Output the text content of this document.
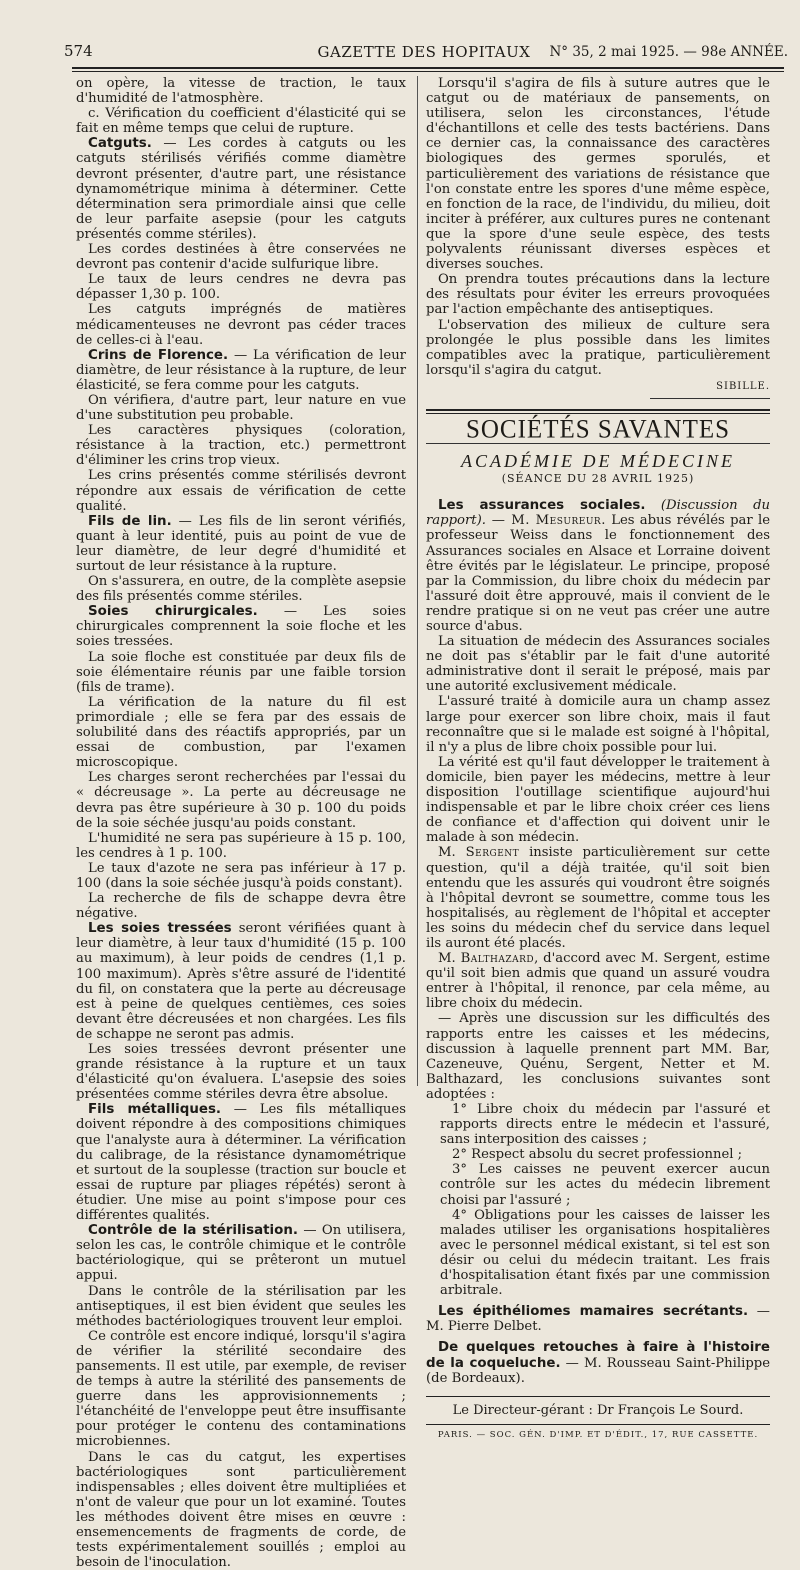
574	GAZETTE DES HOPITAUX	N° 35, 2 mai 1925. — 98e ANNÉE.

on opère, la vitesse de traction, le taux d'humidité de l'atmosphère.

c. Vérification du coefficient d'élasticité qui se fait en même temps que celui de rupture.

Catguts. — Les cordes à catguts ou les catguts stérilisés vérifiés comme diamètre devront présenter, d'autre part, une résistance dynamométrique minima à déterminer. Cette détermination sera primordiale ainsi que celle de leur parfaite asepsie (pour les catguts présentés comme stériles).

Les cordes destinées à être conservées ne devront pas contenir d'acide sulfurique libre.

Le taux de leurs cendres ne devra pas dépasser 1,30 p. 100.

Les catguts imprégnés de matières médicamenteuses ne devront pas céder traces de celles-ci à l'eau.

Crins de Florence. — La vérification de leur diamètre, de leur résistance à la rupture, de leur élasticité, se fera comme pour les catguts.

On vérifiera, d'autre part, leur nature en vue d'une substitution peu probable.

Les caractères physiques (coloration, résistance à la traction, etc.) permettront d'éliminer les crins trop vieux.

Les crins présentés comme stérilisés devront répondre aux essais de vérification de cette qualité.

Fils de lin. — Les fils de lin seront vérifiés, quant à leur identité, puis au point de vue de leur diamètre, de leur degré d'humidité et surtout de leur résistance à la rupture.

On s'assurera, en outre, de la complète asepsie des fils présentés comme stériles.

Soies chirurgicales. — Les soies chirurgicales comprennent la soie floche et les soies tressées.

La soie floche est constituée par deux fils de soie élémentaire réunis par une faible torsion (fils de trame).

La vérification de la nature du fil est primordiale ; elle se fera par des essais de solubilité dans des réactifs appropriés, par un essai de combustion, par l'examen microscopique.

Les charges seront recherchées par l'essai du « décreusage ». La perte au décreusage ne devra pas être supérieure à 30 p. 100 du poids de la soie séchée jusqu'au poids constant.

L'humidité ne sera pas supérieure à 15 p. 100, les cendres à 1 p. 100.

Le taux d'azote ne sera pas inférieur à 17 p. 100 (dans la soie séchée jusqu'à poids constant).

La recherche de fils de schappe devra être négative.

Les soies tressées seront vérifiées quant à leur diamètre, à leur taux d'humidité (15 p. 100 au maximum), à leur poids de cendres (1,1 p. 100 maximum). Après s'être assuré de l'identité du fil, on constatera que la perte au décreusage est à peine de quelques centièmes, ces soies devant être décreusées et non chargées. Les fils de schappe ne seront pas admis.

Les soies tressées devront présenter une grande résistance à la rupture et un taux d'élasticité qu'on évaluera. L'asepsie des soies présentées comme stériles devra être absolue.

Fils métalliques. — Les fils métalliques doivent répondre à des compositions chimiques que l'analyste aura à déterminer. La vérification du calibrage, de la résistance dynamométrique et surtout de la souplesse (traction sur boucle et essai de rupture par pliages répétés) seront à étudier. Une mise au point s'impose pour ces différentes qualités.

Contrôle de la stérilisation. — On utilisera, selon les cas, le contrôle chimique et le contrôle bactériologique, qui se prêteront un mutuel appui.

Dans le contrôle de la stérilisation par les antiseptiques, il est bien évident que seules les méthodes bactériologiques trouvent leur emploi.

Ce contrôle est encore indiqué, lorsqu'il s'agira de vérifier la stérilité secondaire des pansements. Il est utile, par exemple, de reviser de temps à autre la stérilité des pansements de guerre dans les approvisionnements ; l'étanchéité de l'enveloppe peut être insuffisante pour protéger le contenu des contaminations microbiennes.

Dans le cas du catgut, les expertises bactériologiques sont particulièrement indispensables ; elles doivent être multipliées et n'ont de valeur que pour un lot examiné. Toutes les méthodes doivent être mises en œuvre : ensemencements de fragments de corde, de tests expérimentalement souillés ; emploi au besoin de l'inoculation.

Lorsqu'il s'agira de fils à suture autres que le catgut ou de matériaux de pansements, on utilisera, selon les circonstances, l'étude d'échantillons et celle des tests bactériens. Dans ce dernier cas, la connaissance des caractères biologiques des germes sporulés, et particulièrement des variations de résistance que l'on constate entre les spores d'une même espèce, en fonction de la race, de l'individu, du milieu, doit inciter à préférer, aux cultures pures ne contenant que la spore d'une seule espèce, des tests polyvalents réunissant diverses espèces et diverses souches.

On prendra toutes précautions dans la lecture des résultats pour éviter les erreurs provoquées par l'action empêchante des antiseptiques.

L'observation des milieux de culture sera prolongée le plus possible dans les limites compatibles avec la pratique, particulièrement lorsqu'il s'agira du catgut.

SIBILLE.
SOCIÉTÉS SAVANTES
ACADÉMIE DE MÉDECINE
(SÉANCE DU 28 AVRIL 1925)

Les assurances sociales. (Discussion du rapport). — M. Mesureur. Les abus révélés par le professeur Weiss dans le fonctionnement des Assurances sociales en Alsace et Lorraine doivent être évités par le législateur. Le principe, proposé par la Commission, du libre choix du médecin par l'assuré doit être approuvé, mais il convient de le rendre pratique si on ne veut pas créer une autre source d'abus.

La situation de médecin des Assurances sociales ne doit pas s'établir par le fait d'une autorité administrative dont il serait le préposé, mais par une autorité exclusivement médicale.

L'assuré traité à domicile aura un champ assez large pour exercer son libre choix, mais il faut reconnaître que si le malade est soigné à l'hôpital, il n'y a plus de libre choix possible pour lui.

La vérité est qu'il faut développer le traitement à domicile, bien payer les médecins, mettre à leur disposition l'outillage scientifique aujourd'hui indispensable et par le libre choix créer ces liens de confiance et d'affection qui doivent unir le malade à son médecin.

M. Sergent insiste particulièrement sur cette question, qu'il a déjà traitée, qu'il soit bien entendu que les assurés qui voudront être soignés à l'hôpital devront se soumettre, comme tous les hospitalisés, au règlement de l'hôpital et accepter les soins du médecin chef du service dans lequel ils auront été placés.

M. Balthazard, d'accord avec M. Sergent, estime qu'il soit bien admis que quand un assuré voudra entrer à l'hôpital, il renonce, par cela même, au libre choix du médecin.

— Après une discussion sur les difficultés des rapports entre les caisses et les médecins, discussion à laquelle prennent part MM. Bar, Cazeneuve, Quénu, Sergent, Netter et M. Balthazard, les conclusions suivantes sont adoptées :

1° Libre choix du médecin par l'assuré et rapports directs entre le médecin et l'assuré, sans interposition des caisses ;

2° Respect absolu du secret professionnel ;

3° Les caisses ne peuvent exercer aucun contrôle sur les actes du médecin librement choisi par l'assuré ;

4° Obligations pour les caisses de laisser les malades utiliser les organisations hospitalières avec le personnel médical existant, si tel est son désir ou celui du médecin traitant. Les frais d'hospitalisation étant fixés par une commission arbitrale.

Les épithéliomes mamaires secrétants. — M. Pierre Delbet.

De quelques retouches à faire à l'histoire de la coqueluche. — M. Rousseau Saint-Philippe (de Bordeaux).

Le Directeur-gérant : Dr François Le Sourd.
PARIS. — SOC. GÉN. D'IMP. ET D'ÉDIT., 17, RUE CASSETTE.
